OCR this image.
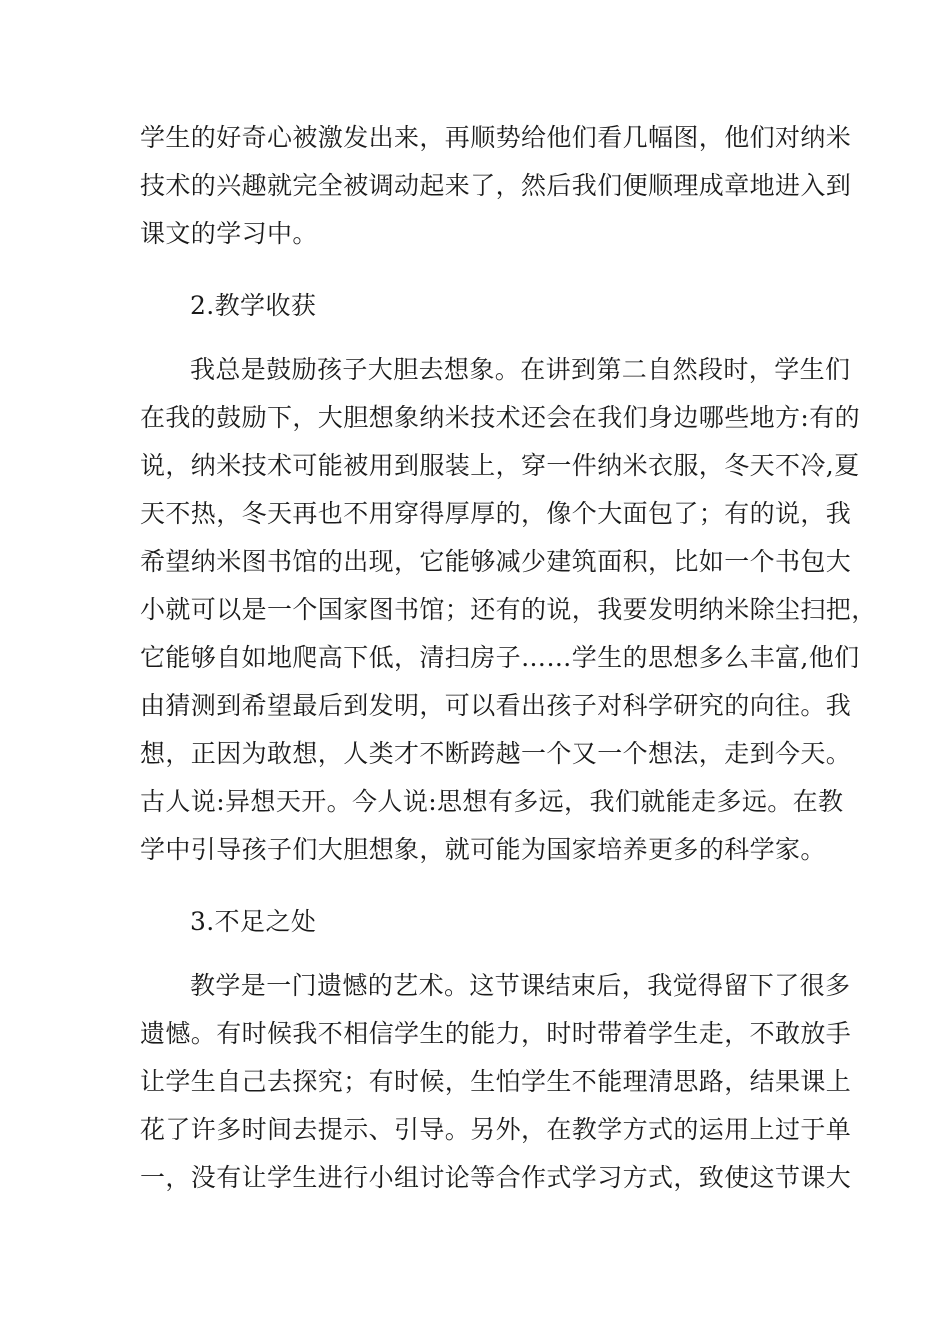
学生的好奇心被激发出来，再顺势给他们看几幅图，他们对纳米
技术的兴趣就完全被调动起来了，然后我们便顺理成章地进入到
课文的学习中。
2.教学收获
我总是鼓励孩子大胆去想象。在讲到第二自然段时，学生们
在我的鼓励下，大胆想象纳米技术还会在我们身边哪些地方:有的
说，纳米技术可能被用到服装上，穿一件纳米衣服，冬天不冷,夏
天不热，冬天再也不用穿得厚厚的，像个大面包了；有的说，我
希望纳米图书馆的出现，它能够减少建筑面积，比如一个书包大
小就可以是一个国家图书馆；还有的说，我要发明纳米除尘扫把，
它能够自如地爬高下低，清扫房子……学生的思想多么丰富,他们
由猜测到希望最后到发明，可以看出孩子对科学研究的向往。我
想，正因为敢想，人类才不断跨越一个又一个想法，走到今天。
古人说:异想天开。今人说:思想有多远，我们就能走多远。在教
学中引导孩子们大胆想象，就可能为国家培养更多的科学家。
3.不足之处
教学是一门遗憾的艺术。这节课结束后，我觉得留下了很多
遗憾。有时候我不相信学生的能力，时时带着学生走，不敢放手
让学生自己去探究；有时候，生怕学生不能理清思路，结果课上
花了许多时间去提示、引导。另外，在教学方式的运用上过于单
一，没有让学生进行小组讨论等合作式学习方式，致使这节课大
